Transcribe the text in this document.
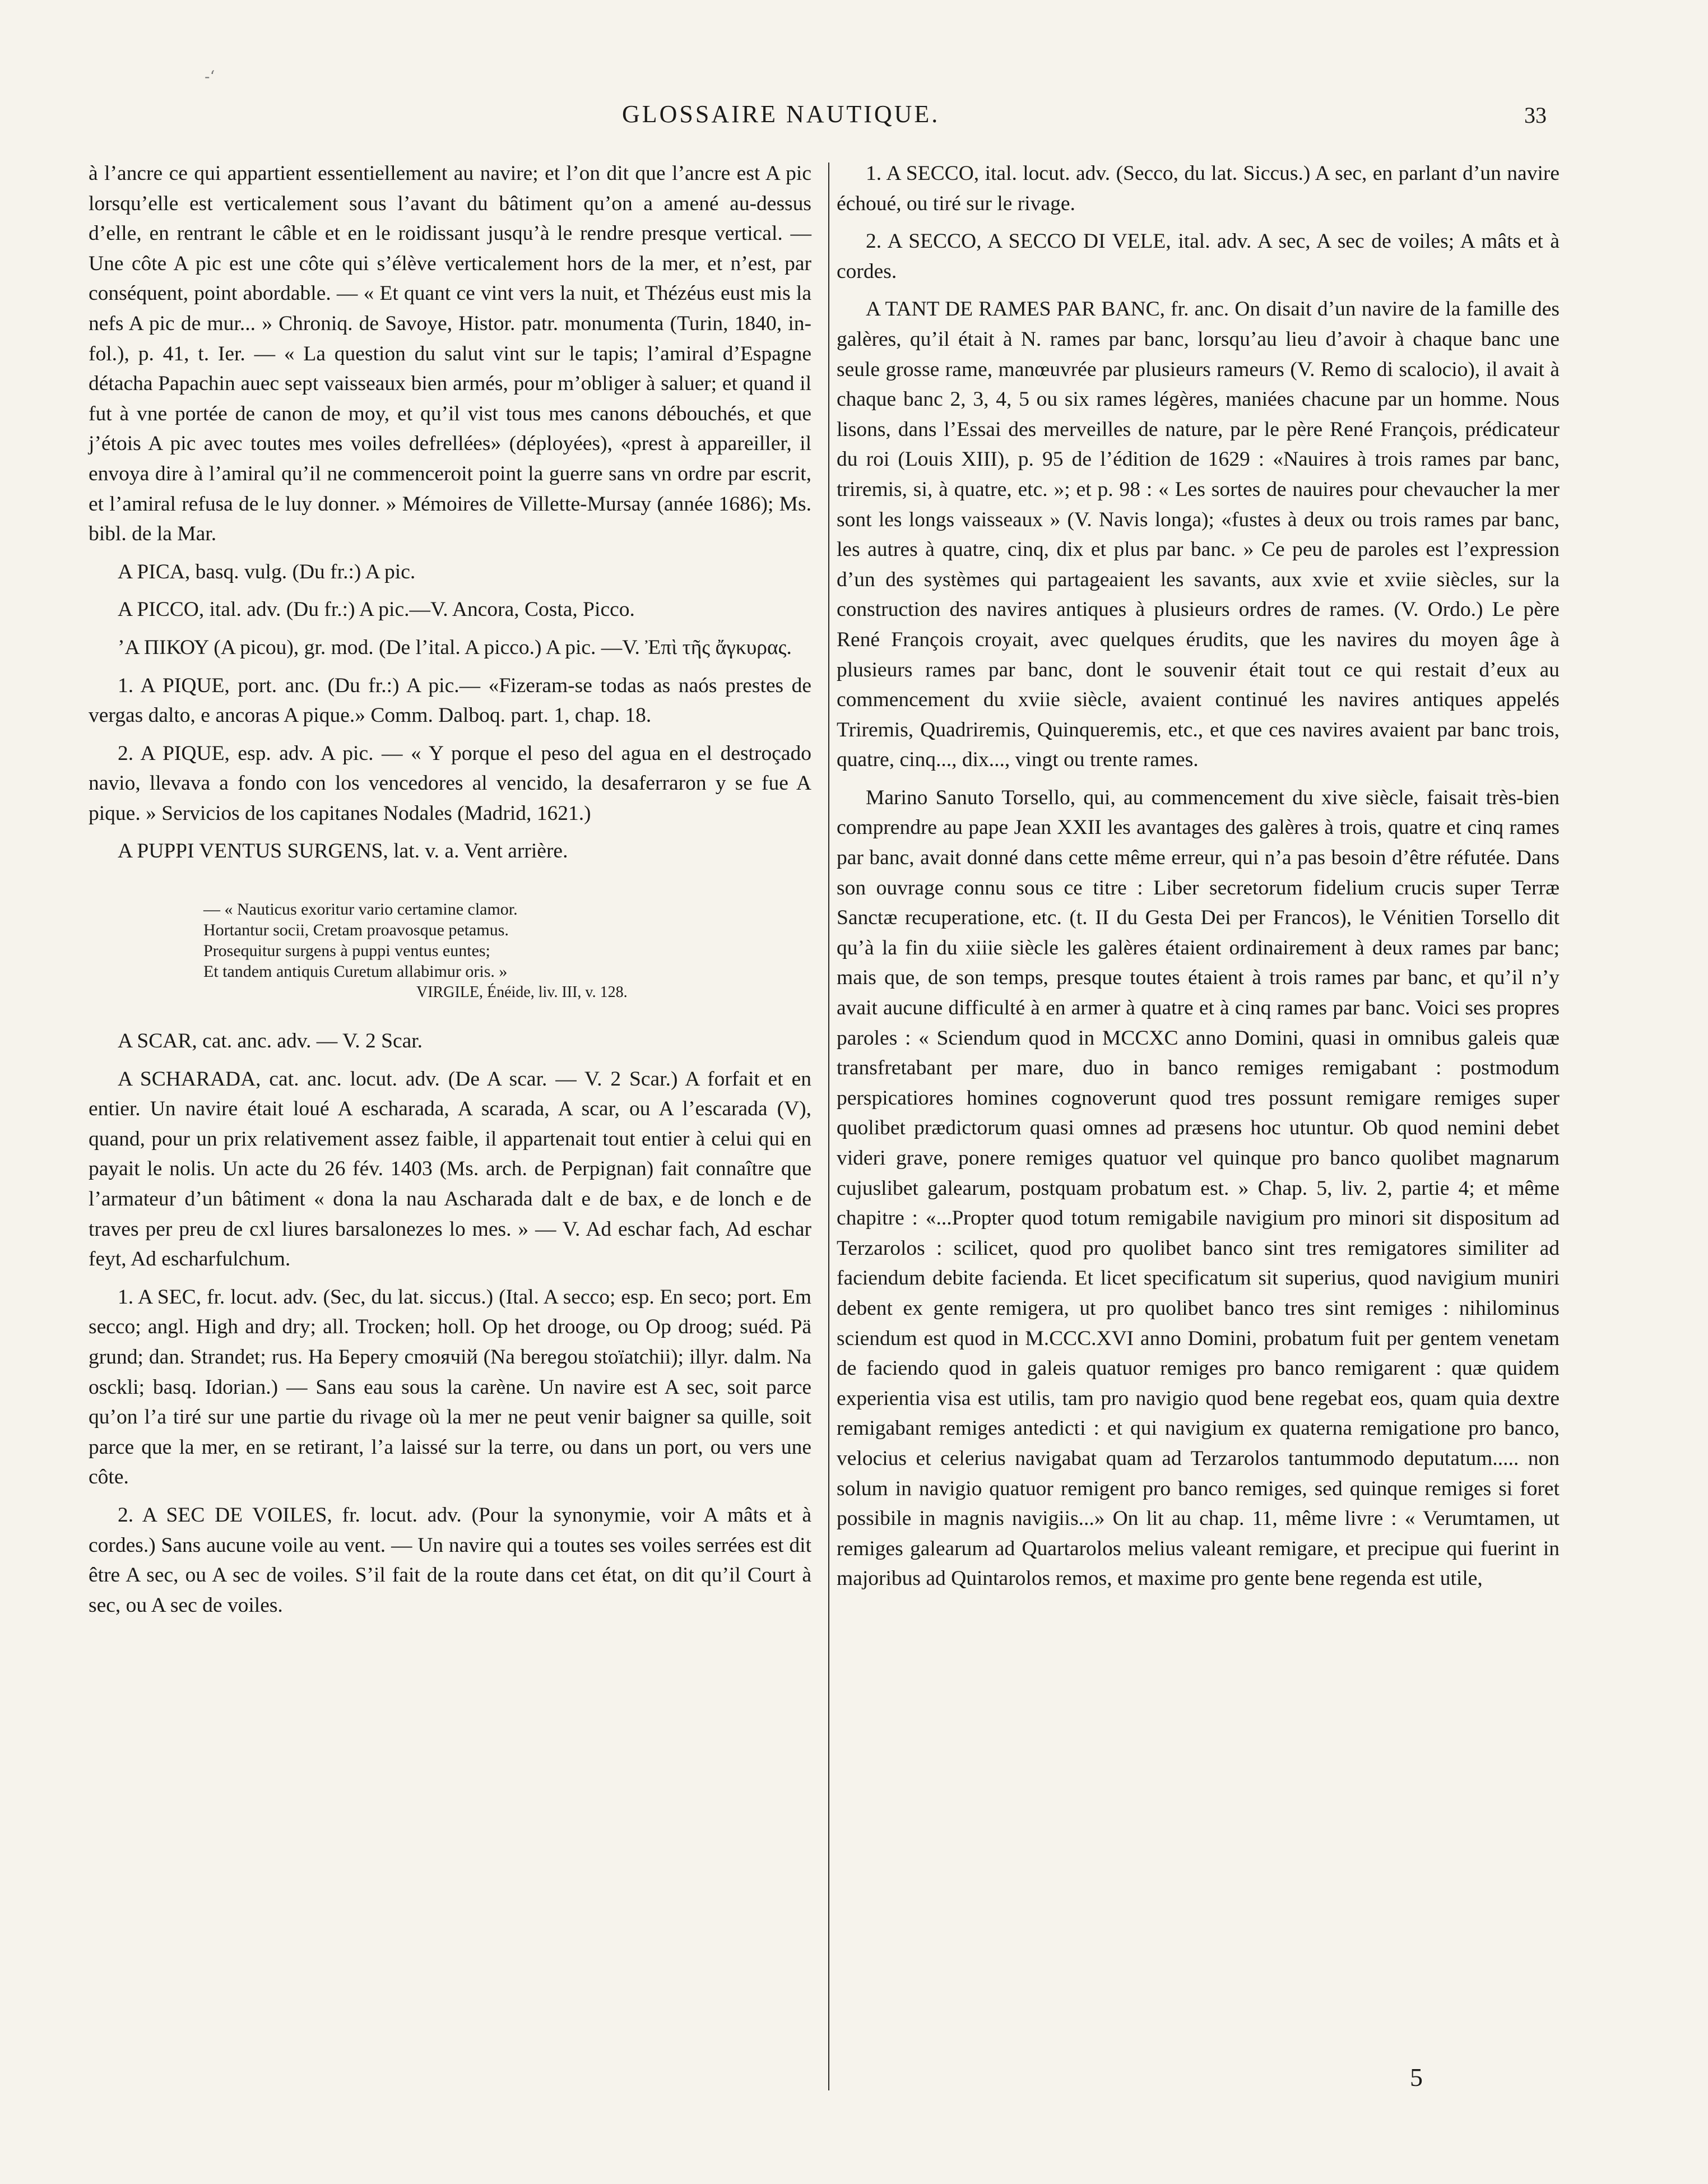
-‘
GLOSSAIRE NAUTIQUE.	33

à l’ancre ce qui appartient essentiellement au navire; et l’on dit que l’ancre est A pic lorsqu’elle est verticalement sous l’avant du bâtiment qu’on a amené au-dessus d’elle, en rentrant le câble et en le roidissant jusqu’à le rendre presque vertical. — Une côte A pic est une côte qui s’élève verticalement hors de la mer, et n’est, par conséquent, point abordable. — « Et quant ce vint vers la nuit, et Thézéus eust mis la nefs A pic de mur... » Chroniq. de Savoye, Histor. patr. monumenta (Turin, 1840, in-fol.), p. 41, t. Ier. — « La question du salut vint sur le tapis; l’amiral d’Espagne détacha Papachin auec sept vaisseaux bien armés, pour m’obliger à saluer; et quand il fut à vne portée de canon de moy, et qu’il vist tous mes canons débouchés, et que j’étois A pic avec toutes mes voiles defrellées» (déployées), «prest à appareiller, il envoya dire à l’amiral qu’il ne commenceroit point la guerre sans vn ordre par escrit, et l’amiral refusa de le luy donner. » Mémoires de Villette-Mursay (année 1686); Ms. bibl. de la Mar.

A PICA, basq. vulg. (Du fr.:) A pic.

A PICCO, ital. adv. (Du fr.:) A pic.—V. Ancora, Costa, Picco.

’Α ΠΙΚΟΥ (A picou), gr. mod. (De l’ital. A picco.) A pic. —V. Ἐπὶ τῆς ἄγκυρας.

1. A PIQUE, port. anc. (Du fr.:) A pic.— «Fizeram-se todas as naós prestes de vergas dalto, e ancoras A pique.» Comm. Dalboq. part. 1, chap. 18.

2. A PIQUE, esp. adv. A pic. — « Y porque el peso del agua en el destroçado navio, llevava a fondo con los vencedores al vencido, la desaferraron y se fue A pique. » Servicios de los capitanes Nodales (Madrid, 1621.)

A PUPPI VENTUS SURGENS, lat. v. a. Vent arrière.

— « Nauticus exoritur vario certamine clamor.
Hortantur socii, Cretam proavosque petamus.
Prosequitur surgens à puppi ventus euntes;
Et tandem antiquis Curetum allabimur oris. »
VIRGILE, Énéide, liv. III, v. 128.

A SCAR, cat. anc. adv. — V. 2 Scar.

A SCHARADA, cat. anc. locut. adv. (De A scar. — V. 2 Scar.) A forfait et en entier. Un navire était loué A escharada, A scarada, A scar, ou A l’escarada (V), quand, pour un prix relativement assez faible, il appartenait tout entier à celui qui en payait le nolis. Un acte du 26 fév. 1403 (Ms. arch. de Perpignan) fait connaître que l’armateur d’un bâtiment « dona la nau Ascharada dalt e de bax, e de lonch e de traves per preu de cxl liures barsalonezes lo mes. » — V. Ad eschar fach, Ad eschar feyt, Ad escharfulchum.

1. A SEC, fr. locut. adv. (Sec, du lat. siccus.) (Ital. A secco; esp. En seco; port. Em secco; angl. High and dry; all. Trocken; holl. Op het drooge, ou Op droog; suéd. Pä grund; dan. Strandet; rus. Ha Берегу cmoячiй (Na beregou stoïatchii); illyr. dalm. Na osckli; basq. Idorian.) — Sans eau sous la carène. Un navire est A sec, soit parce qu’on l’a tiré sur une partie du rivage où la mer ne peut venir baigner sa quille, soit parce que la mer, en se retirant, l’a laissé sur la terre, ou dans un port, ou vers une côte.

2. A SEC DE VOILES, fr. locut. adv. (Pour la synonymie, voir A mâts et à cordes.) Sans aucune voile au vent. — Un navire qui a toutes ses voiles serrées est dit être A sec, ou A sec de voiles. S’il fait de la route dans cet état, on dit qu’il Court à sec, ou A sec de voiles.

1. A SECCO, ital. locut. adv. (Secco, du lat. Siccus.) A sec, en parlant d’un navire échoué, ou tiré sur le rivage.

2. A SECCO, A SECCO DI VELE, ital. adv. A sec, A sec de voiles; A mâts et à cordes.

A TANT DE RAMES PAR BANC, fr. anc. On disait d’un navire de la famille des galères, qu’il était à N. rames par banc, lorsqu’au lieu d’avoir à chaque banc une seule grosse rame, manœuvrée par plusieurs rameurs (V. Remo di scalocio), il avait à chaque banc 2, 3, 4, 5 ou six rames légères, maniées chacune par un homme. Nous lisons, dans l’Essai des merveilles de nature, par le père René François, prédicateur du roi (Louis XIII), p. 95 de l’édition de 1629 : «Nauires à trois rames par banc, triremis, si, à quatre, etc. »; et p. 98 : « Les sortes de nauires pour chevaucher la mer sont les longs vaisseaux » (V. Navis longa); «fustes à deux ou trois rames par banc, les autres à quatre, cinq, dix et plus par banc. » Ce peu de paroles est l’expression d’un des systèmes qui partageaient les savants, aux xvie et xviie siècles, sur la construction des navires antiques à plusieurs ordres de rames. (V. Ordo.) Le père René François croyait, avec quelques érudits, que les navires du moyen âge à plusieurs rames par banc, dont le souvenir était tout ce qui restait d’eux au commencement du xviie siècle, avaient continué les navires antiques appelés Triremis, Quadriremis, Quinqueremis, etc., et que ces navires avaient par banc trois, quatre, cinq..., dix..., vingt ou trente rames.

Marino Sanuto Torsello, qui, au commencement du xive siècle, faisait très-bien comprendre au pape Jean XXII les avantages des galères à trois, quatre et cinq rames par banc, avait donné dans cette même erreur, qui n’a pas besoin d’être réfutée. Dans son ouvrage connu sous ce titre : Liber secretorum fidelium crucis super Terræ Sanctæ recuperatione, etc. (t. II du Gesta Dei per Francos), le Vénitien Torsello dit qu’à la fin du xiiie siècle les galères étaient ordinairement à deux rames par banc; mais que, de son temps, presque toutes étaient à trois rames par banc, et qu’il n’y avait aucune difficulté à en armer à quatre et à cinq rames par banc. Voici ses propres paroles : « Sciendum quod in MCCXC anno Domini, quasi in omnibus galeis quæ transfretabant per mare, duo in banco remiges remigabant : postmodum perspicatiores homines cognoverunt quod tres possunt remigare remiges super quolibet prædictorum quasi omnes ad præsens hoc utuntur. Ob quod nemini debet videri grave, ponere remiges quatuor vel quinque pro banco quolibet magnarum cujuslibet galearum, postquam probatum est. » Chap. 5, liv. 2, partie 4; et même chapitre : «...Propter quod totum remigabile navigium pro minori sit dispositum ad Terzarolos : scilicet, quod pro quolibet banco sint tres remigatores similiter ad faciendum debite facienda. Et licet specificatum sit superius, quod navigium muniri debent ex gente remigera, ut pro quolibet banco tres sint remiges : nihilominus sciendum est quod in M.CCC.XVI anno Domini, probatum fuit per gentem venetam de faciendo quod in galeis quatuor remiges pro banco remigarent : quæ quidem experientia visa est utilis, tam pro navigio quod bene regebat eos, quam quia dextre remigabant remiges antedicti : et qui navigium ex quaterna remigatione pro banco, velocius et celerius navigabat quam ad Terzarolos tantummodo deputatum..... non solum in navigio quatuor remigent pro banco remiges, sed quinque remiges si foret possibile in magnis navigiis...» On lit au chap. 11, même livre : « Verumtamen, ut remiges galearum ad Quartarolos melius valeant remigare, et precipue qui fuerint in majoribus ad Quintarolos remos, et maxime pro gente bene regenda est utile,

5
